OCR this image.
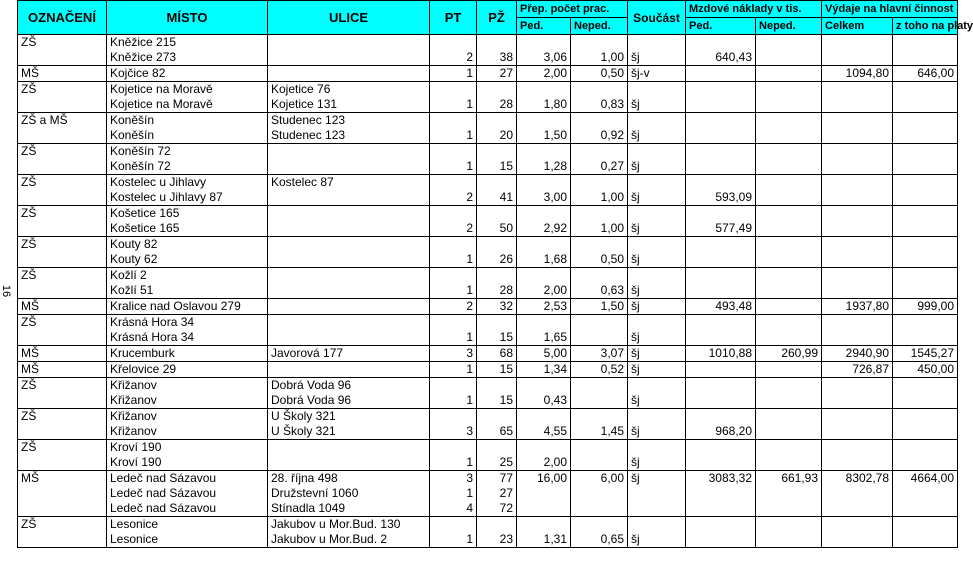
16
OZNAČENÍ	MÍSTO	ULICE	PT	PŽ	Přep. počet prac.		Součást	Mzdové náklady v tis.		Výdaje na hlavní činnost	
					Ped.	Neped.		Ped.	Neped.	Celkem	z toho na platy
ZŠ	Kněžice 215										
	Kněžice 273		2	38	3,06	1,00	šj	640,43			
MŠ	Kojčice 82		1	27	2,00	0,50	šj-v			1094,80	646,00
ZŠ	Kojetice na Moravě	Kojetice 76									
	Kojetice na Moravě	Kojetice 131	1	28	1,80	0,83	šj				
ZŠ a MŠ	Koněšín	Studenec 123									
	Koněšín	Studenec 123	1	20	1,50	0,92	šj				
ZŠ	Koněšín 72										
	Koněšín 72		1	15	1,28	0,27	šj				
ZŠ	Kostelec u Jihlavy	Kostelec 87									
	Kostelec u Jihlavy 87		2	41	3,00	1,00	šj	593,09			
ZŠ	Košetice 165										
	Košetice 165		2	50	2,92	1,00	šj	577,49			
ZŠ	Kouty 82										
	Kouty 62		1	26	1,68	0,50	šj				
ZŠ	Kožlí 2										
	Kožlí 51		1	28	2,00	0,63	šj				
MŠ	Kralice nad Oslavou 279		2	32	2,53	1,50	šj	493,48		1937,80	999,00
ZŠ	Krásná Hora 34										
	Krásná Hora 34		1	15	1,65		šj				
MŠ	Krucemburk	Javorová 177	3	68	5,00	3,07	šj	1010,88	260,99	2940,90	1545,27
MŠ	Křelovice 29		1	15	1,34	0,52	šj			726,87	450,00
ZŠ	Křižanov	Dobrá Voda 96									
	Křižanov	Dobrá Voda 96	1	15	0,43		šj				
ZŠ	Křižanov	U Školy 321									
	Křižanov	U Školy 321	3	65	4,55	1,45	šj	968,20			
ZŠ	Kroví 190										
	Kroví 190		1	25	2,00		šj				
MŠ	Ledeč nad Sázavou	28. října 498	3	77	16,00	6,00	šj	3083,32	661,93	8302,78	4664,00
	Ledeč nad Sázavou	Družstevní 1060	1	27							
	Ledeč nad Sázavou	Stínadla 1049	4	72							
ZŠ	Lesonice	Jakubov u Mor.Bud. 130									
	Lesonice	Jakubov u Mor.Bud. 2	1	23	1,31	0,65	šj				
